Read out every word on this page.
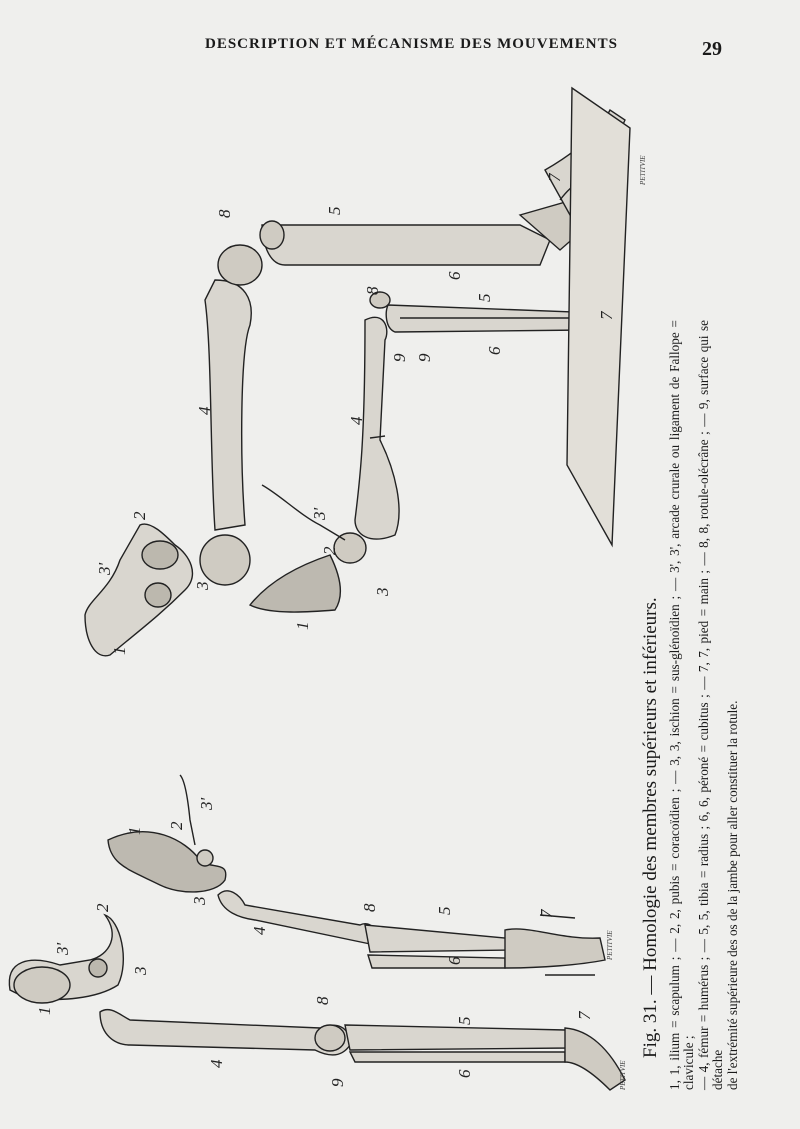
DESCRIPTION ET MÉCANISME DES MOUVEMENTS	29
1
3'
2
3
4
8
9
5
6
7
1
2
3'
3
4
8	5
6
7
1
3'
2
3
4
8	5
6
7
1
2
3'
3
4
8
9 9
5
6
7
PETITVIE
PETITVIE
PETITVIE
Fig. 31. — Homologie des membres supérieurs et inférieurs. 1, 1, ilium = scapulum ; — 2, 2, pubis = coracoïdien ; — 3, 3, ischion = sus-glénoïdien ; — 3', 3', arcade crurale ou ligament de Fallope = clavicule ; — 4, fémur = humérus ; — 5, 5, tibia = radius ; 6, 6, péroné = cubitus ; — 7, 7, pied = main ; — 8, 8, rotule-olécrâne ; — 9, surface qui se détache de l'extrémité supérieure des os de la jambe pour aller constituer la rotule.
